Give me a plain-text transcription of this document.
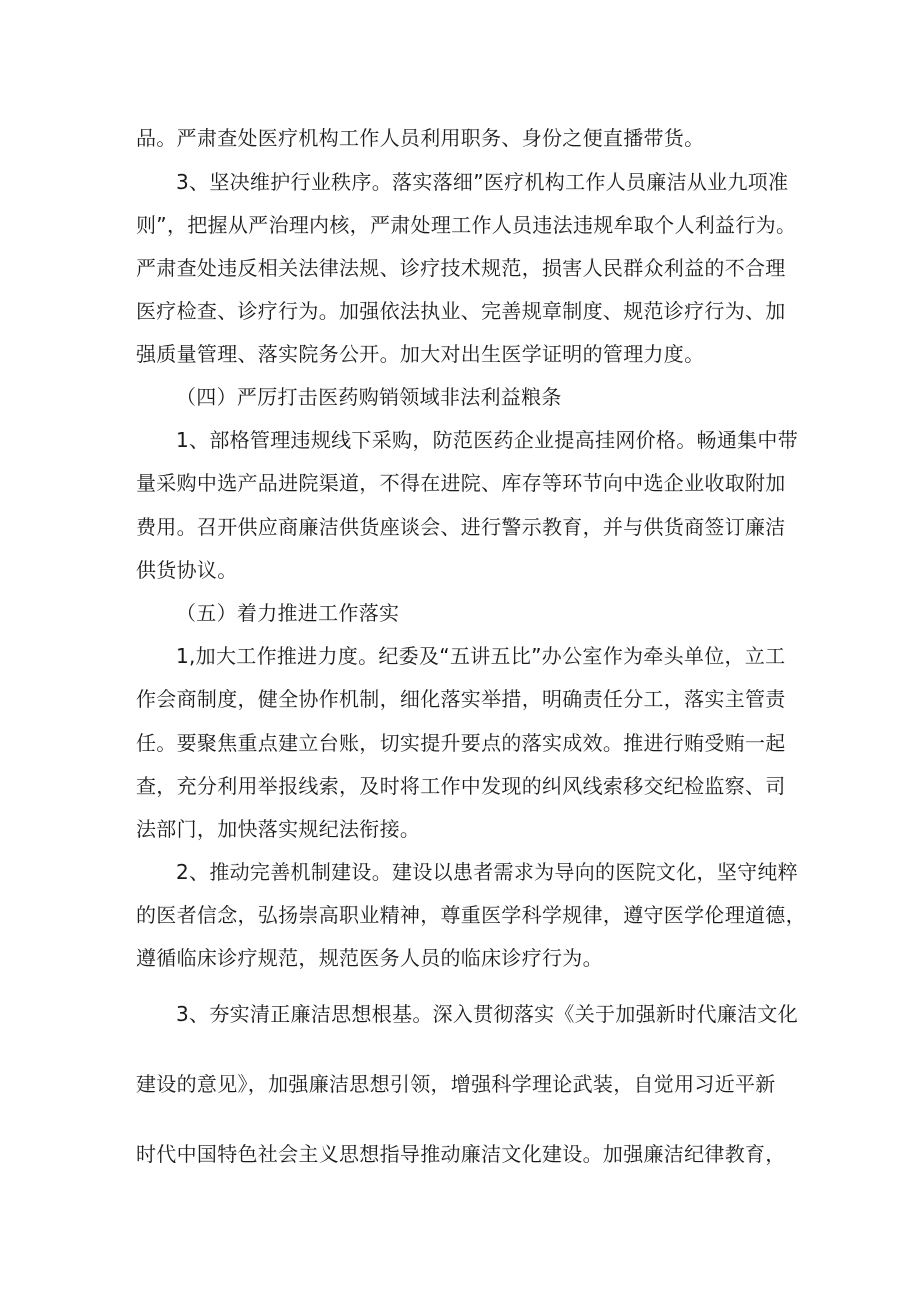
品。严肃查处医疗机构工作人员利用职务、身份之便直播带货。
3、坚决维护行业秩序。落实落细”医疗机构工作人员廉洁从业九项准
则”，把握从严治理内核，严肃处理工作人员违法违规牟取个人利益行为。
严肃查处违反相关法律法规、诊疗技术规范，损害人民群众利益的不合理
医疗检查、诊疗行为。加强依法执业、完善规章制度、规范诊疗行为、加
强质量管理、落实院务公开。加大对出生医学证明的管理力度。
（四）严厉打击医药购销领域非法利益粮条
1、部格管理违规线下采购，防范医药企业提高挂网价格。畅通集中带
量采购中选产品进院渠道，不得在进院、库存等环节向中选企业收取附加
费用。召开供应商廉洁供货座谈会、进行警示教育，并与供货商签订廉洁
供货协议。
（五）着力推进工作落实
1,加大工作推进力度。纪委及“五讲五比”办公室作为牵头单位，立工
作会商制度，健全协作机制，细化落实举措，明确责任分工，落实主管责
任。要聚焦重点建立台账，切实提升要点的落实成效。推进行贿受贿一起
查，充分利用举报线索，及时将工作中发现的纠风线索移交纪检监察、司
法部门，加快落实规纪法衔接。
2、推动完善机制建设。建设以患者需求为导向的医院文化，坚守纯粹
的医者信念，弘扬崇高职业精神，尊重医学科学规律，遵守医学伦理道德，
遵循临床诊疗规范，规范医务人员的临床诊疗行为。
3、夯实清正廉洁思想根基。深入贯彻落实《关于加强新时代廉洁文化
建设的意见》，加强廉洁思想引领，增强科学理论武装，自觉用习近平新
时代中国特色社会主义思想指导推动廉洁文化建设。加强廉洁纪律教育，
